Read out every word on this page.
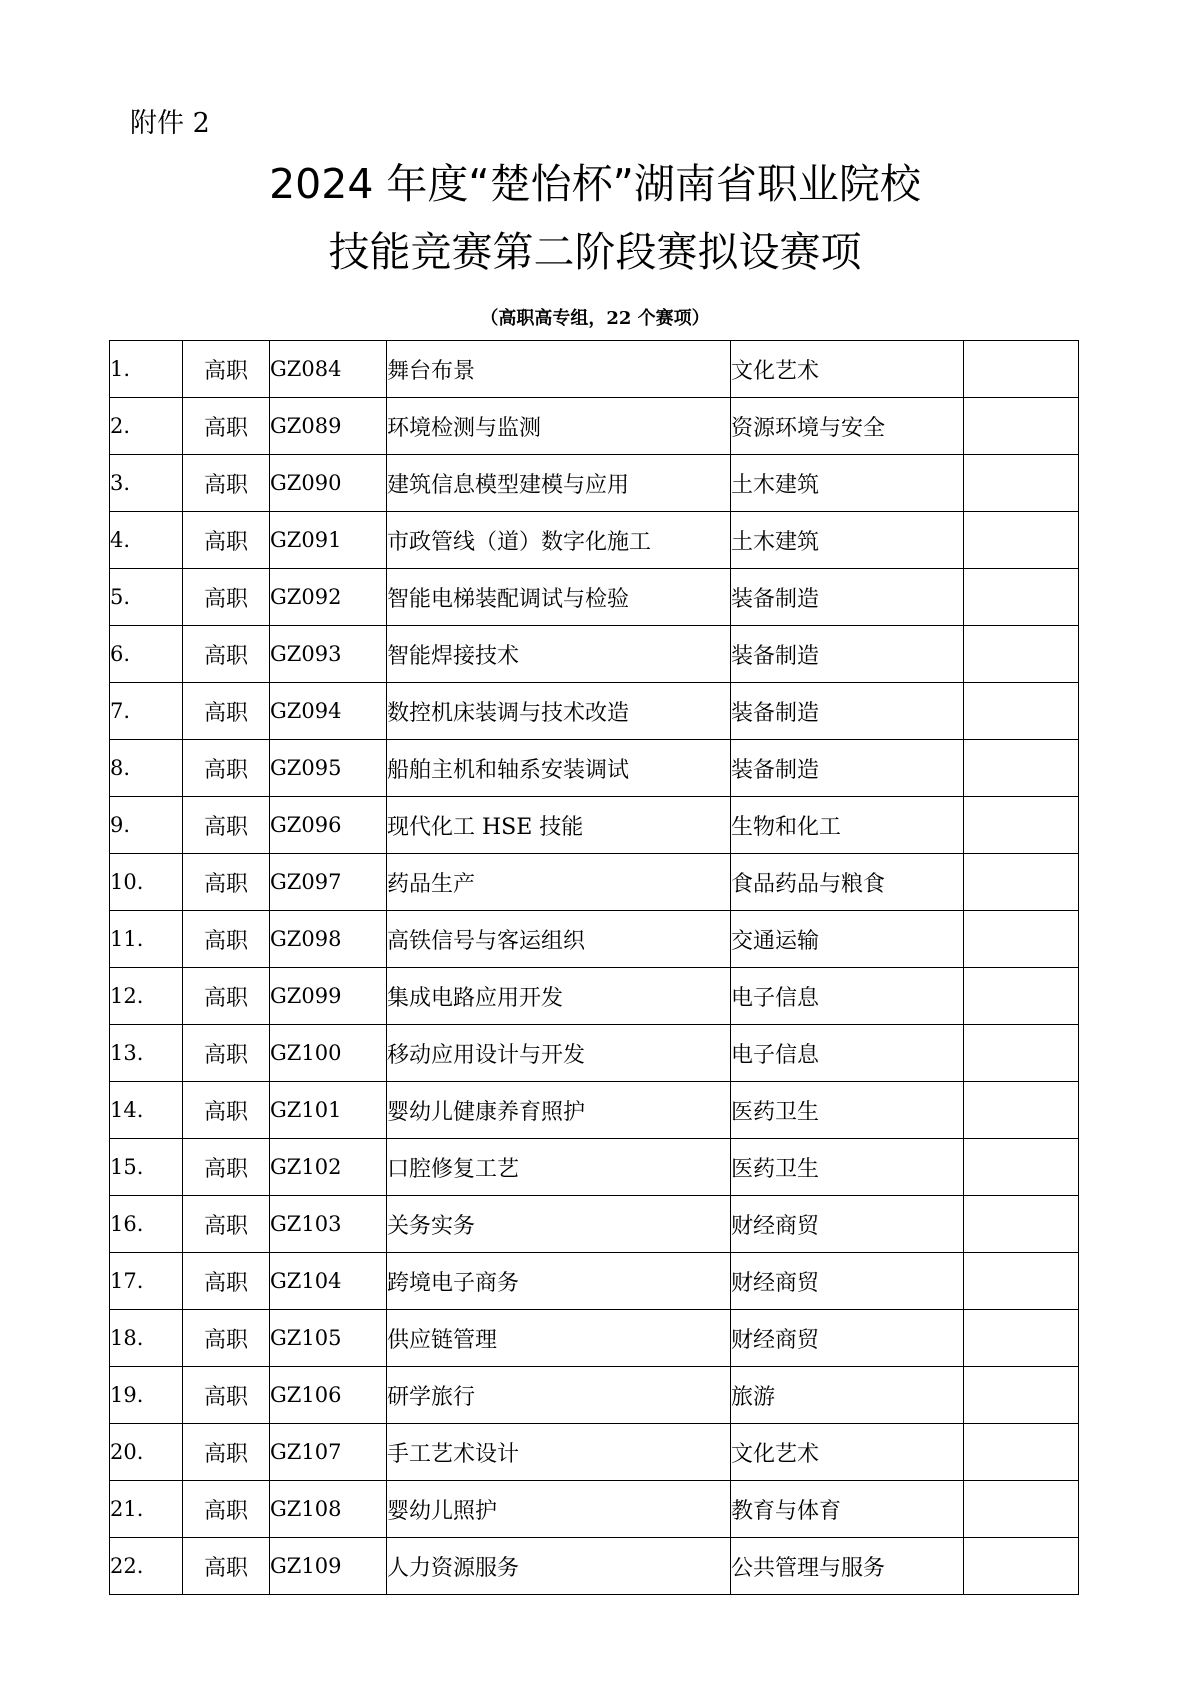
附件 2
2024 年度“楚怡杯”湖南省职业院校
技能竞赛第二阶段赛拟设赛项
（高职高专组，22 个赛项）
1.	高职	GZ084	舞台布景	文化艺术	
2.	高职	GZ089	环境检测与监测	资源环境与安全	
3.	高职	GZ090	建筑信息模型建模与应用	土木建筑	
4.	高职	GZ091	市政管线（道）数字化施工	土木建筑	
5.	高职	GZ092	智能电梯装配调试与检验	装备制造	
6.	高职	GZ093	智能焊接技术	装备制造	
7.	高职	GZ094	数控机床装调与技术改造	装备制造	
8.	高职	GZ095	船舶主机和轴系安装调试	装备制造	
9.	高职	GZ096	现代化工 HSE 技能	生物和化工	
10.	高职	GZ097	药品生产	食品药品与粮食	
11.	高职	GZ098	高铁信号与客运组织	交通运输	
12.	高职	GZ099	集成电路应用开发	电子信息	
13.	高职	GZ100	移动应用设计与开发	电子信息	
14.	高职	GZ101	婴幼儿健康养育照护	医药卫生	
15.	高职	GZ102	口腔修复工艺	医药卫生	
16.	高职	GZ103	关务实务	财经商贸	
17.	高职	GZ104	跨境电子商务	财经商贸	
18.	高职	GZ105	供应链管理	财经商贸	
19.	高职	GZ106	研学旅行	旅游	
20.	高职	GZ107	手工艺术设计	文化艺术	
21.	高职	GZ108	婴幼儿照护	教育与体育	
22.	高职	GZ109	人力资源服务	公共管理与服务	
